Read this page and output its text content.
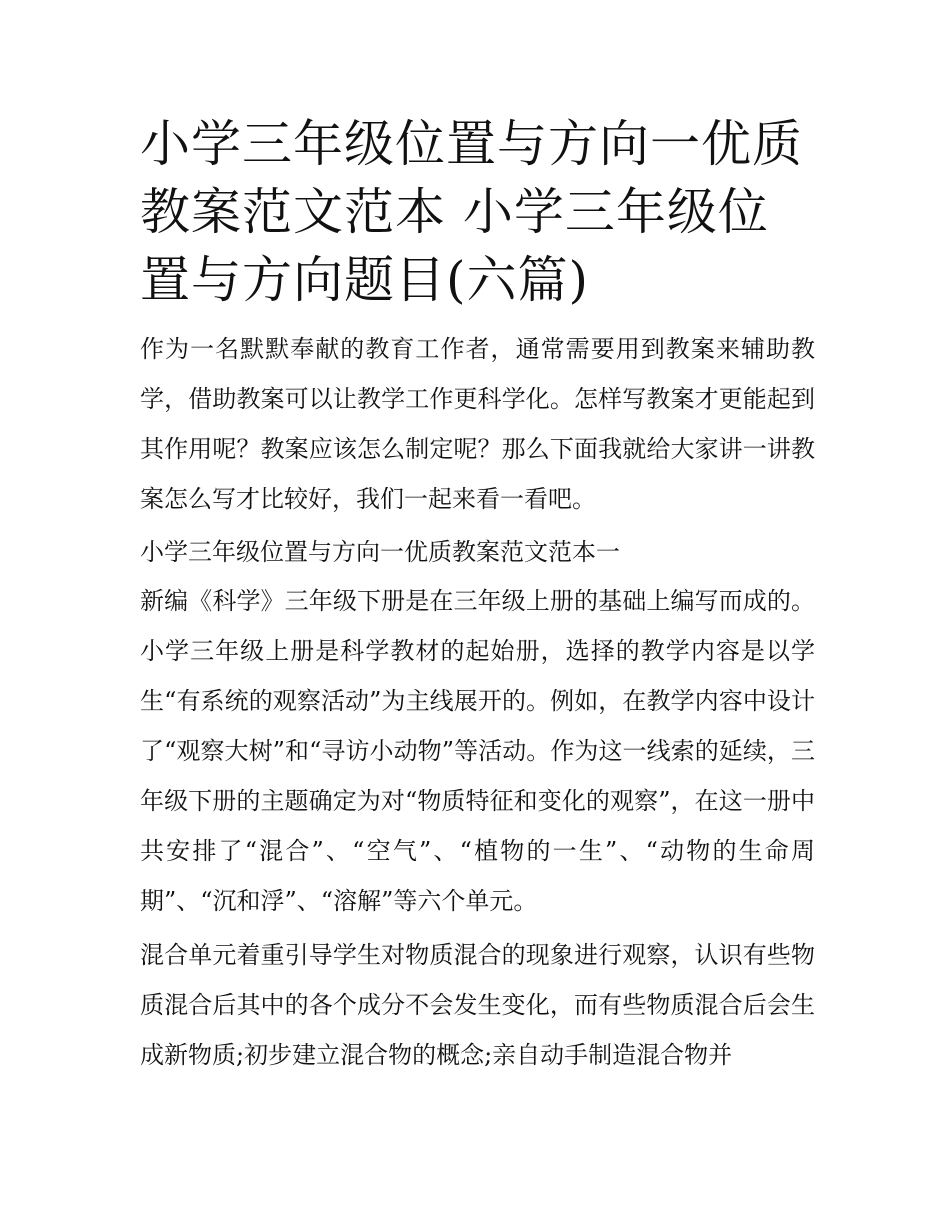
小学三年级位置与方向一优质教案范文范本 小学三年级位置与方向题目(六篇)

作为一名默默奉献的教育工作者，通常需要用到教案来辅助教学，借助教案可以让教学工作更科学化。怎样写教案才更能起到其作用呢？教案应该怎么制定呢？那么下面我就给大家讲一讲教案怎么写才比较好，我们一起来看一看吧。

小学三年级位置与方向一优质教案范文范本一

新编《科学》三年级下册是在三年级上册的基础上编写而成的。小学三年级上册是科学教材的起始册，选择的教学内容是以学生“有系统的观察活动”为主线展开的。例如，在教学内容中设计了“观察大树”和“寻访小动物”等活动。作为这一线索的延续，三年级下册的主题确定为对“物质特征和变化的观察”，在这一册中共安排了“混合”、“空气”、“植物的一生”、“动物的生命周期”、“沉和浮”、“溶解”等六个单元。

混合单元着重引导学生对物质混合的现象进行观察，认识有些物质混合后其中的各个成分不会发生变化，而有些物质混合后会生成新物质;初步建立混合物的概念;亲自动手制造混合物并
